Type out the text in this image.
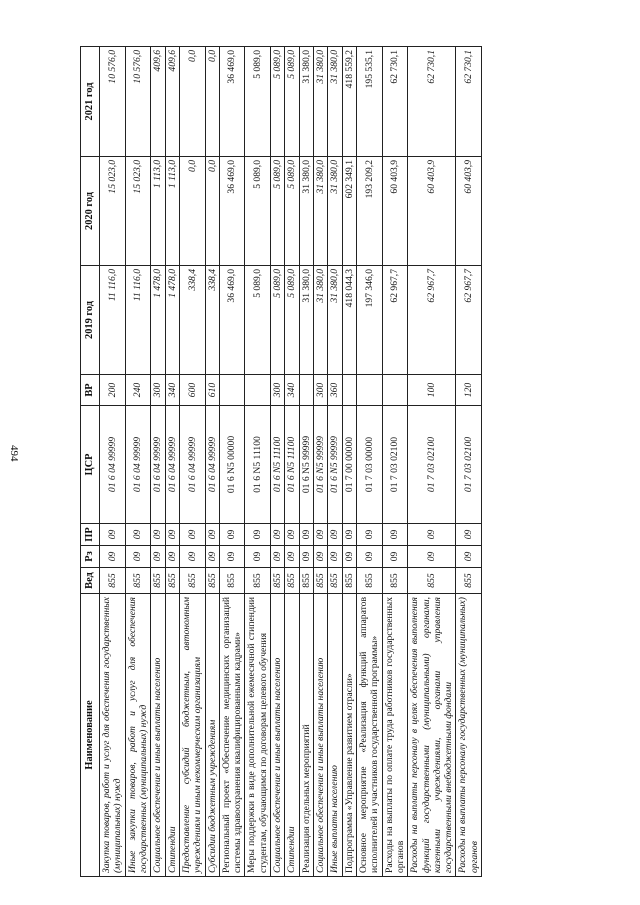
494
Наименование	Вед	Рз	ПР	ЦСР	ВР	2019 год	2020 год	2021 год
Закупка товаров, работ и услуг для обеспечения государственных (муниципальных) нужд	855	09	09	01 6 04 99999	200	11 116,0	15 023,0	10 576,0
Иные закупки товаров, работ и услуг для обеспечения государственных (муниципальных) нужд	855	09	09	01 6 04 99999	240	11 116,0	15 023,0	10 576,0
Социальное обеспечение и иные выплаты населению	855	09	09	01 6 04 99999	300	1 478,0	1 113,0	409,6
Стипендии	855	09	09	01 6 04 99999	340	1 478,0	1 113,0	409,6
Предоставление субсидий бюджетным, автономным учреждениям и иным некоммерческим организациям	855	09	09	01 6 04 99999	600	338,4	0,0	0,0
Субсидии бюджетным учреждениям	855	09	09	01 6 04 99999	610	338,4	0,0	0,0
Региональный проект «Обеспечение медицинских организаций системы здравоохранения квалифицированными кадрами»	855	09	09	01 6 N5 00000		36 469,0	36 469,0	36 469,0
Меры поддержки в виде дополнительной ежемесячной стипендии студентам, обучающимся по договорам целевого обучения	855	09	09	01 6 N5 11100		5 089,0	5 089,0	5 089,0
Социальное обеспечение и иные выплаты населению	855	09	09	01 6 N5 11100	300	5 089,0	5 089,0	5 089,0
Стипендии	855	09	09	01 6 N5 11100	340	5 089,0	5 089,0	5 089,0
Реализация отдельных мероприятий	855	09	09	01 6 N5 99999		31 380,0	31 380,0	31 380,0
Социальное обеспечение и иные выплаты населению	855	09	09	01 6 N5 99999	300	31 380,0	31 380,0	31 380,0
Иные выплаты населению	855	09	09	01 6 N5 99999	360	31 380,0	31 380,0	31 380,0
Подпрограмма «Управление развитием отрасли»	855	09	09	01 7 00 00000		418 044,3	602 349,1	418 559,2
Основное мероприятие «Реализация функций аппаратов исполнителей и участников государственной программы»	855	09	09	01 7 03 00000		197 346,0	193 209,2	195 535,1
Расходы на выплаты по оплате труда работников государственных органов	855	09	09	01 7 03 02100		62 967,7	60 403,9	62 730,1
Расходы на выплаты персоналу в целях обеспечения выполнения функций государственными (муниципальными) органами, казенными учреждениями, органами управления государственными внебюджетными фондами	855	09	09	01 7 03 02100	100	62 967,7	60 403,9	62 730,1
Расходы на выплаты персоналу государственных (муниципальных) органов	855	09	09	01 7 03 02100	120	62 967,7	60 403,9	62 730,1
